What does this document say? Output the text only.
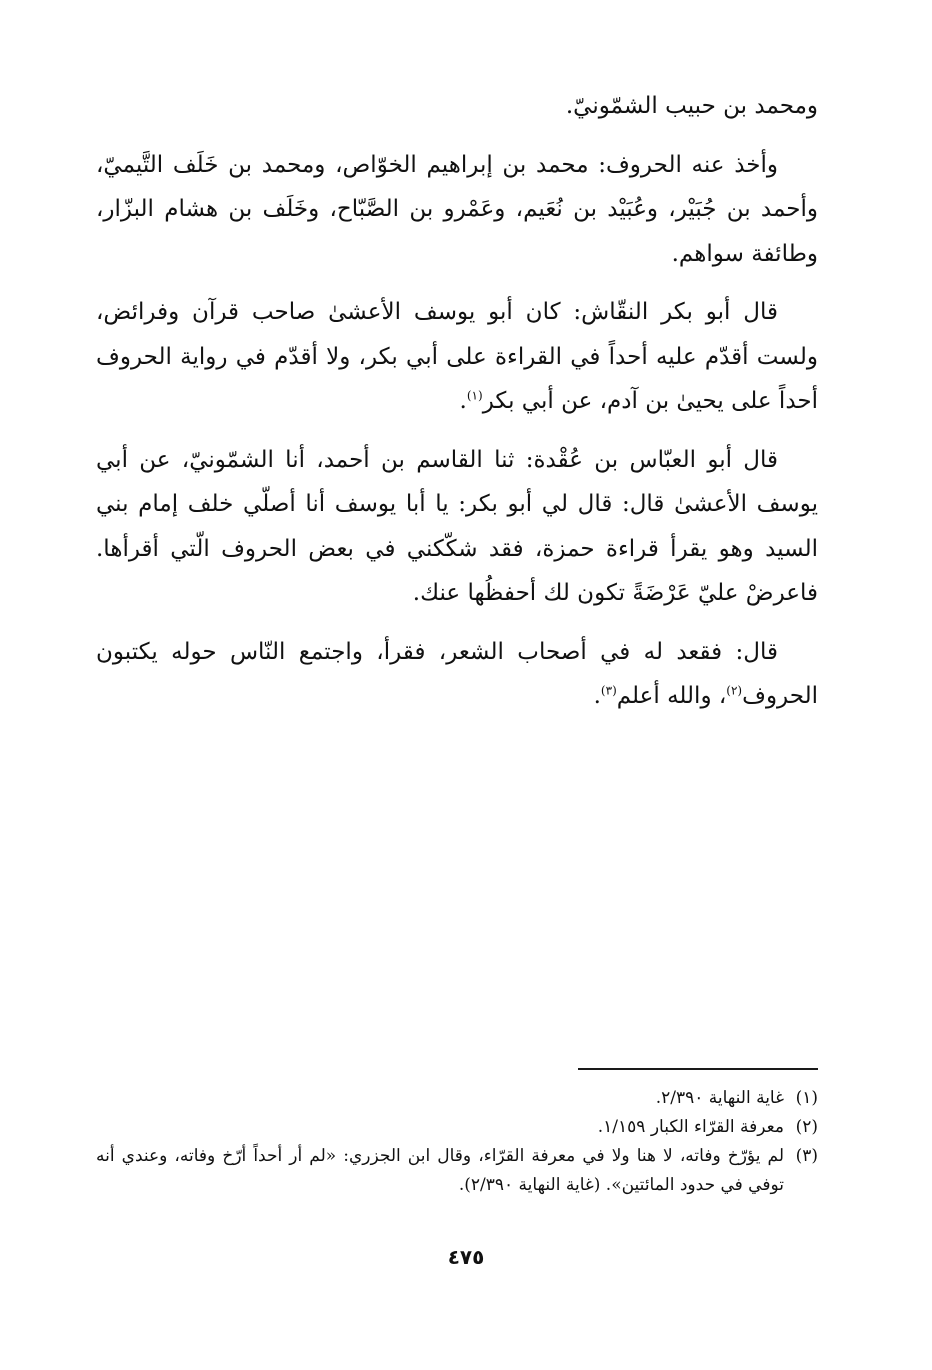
ومحمد بن حبيب الشمّونيّ.

وأخذ عنه الحروف: محمد بن إبراهيم الخوّاص، ومحمد بن خَلَف التَّيميّ، وأحمد بن جُبَيْر، وعُبَيْد بن نُعَيم، وعَمْرو بن الصَّبّاح، وخَلَف بن هشام البزّار، وطائفة سواهم.

قال أبو بكر النقّاش: كان أبو يوسف الأعشىٰ صاحب قرآن وفرائض، ولست أقدّم عليه أحداً في القراءة على أبي بكر، ولا أقدّم في رواية الحروف أحداً على يحيىٰ بن آدم، عن أبي بكر$^{(١)}$.

قال أبو العبّاس بن عُقْدة: ثنا القاسم بن أحمد، أنا الشمّونيّ، عن أبي يوسف الأعشىٰ قال: قال لي أبو بكر: يا أبا يوسف أنا أصلّي خلف إمام بني السيد وهو يقرأ قراءة حمزة، فقد شكّكني في بعض الحروف الّتي أقرأها. فاعرضْ عليّ عَرْضَةً تكون لك أحفظُها عنك.

قال: فقعد له في أصحاب الشعر، فقرأ، واجتمع النّاس حوله يكتبون الحروف$^{(٢)}$، والله أعلم$^{(٣)}$.

(١)
غاية النهاية ٢/٣٩٠.

(٢)
معرفة القرّاء الكبار ١/١٥٩.

(٣)
لم يؤرّخ وفاته، لا هنا ولا في معرفة القرّاء، وقال ابن الجزري: «لم أر أحداً أرّخ وفاته، وعندي أنه توفي في حدود المائتين». (غاية النهاية ٢/٣٩٠).

٤٧٥
